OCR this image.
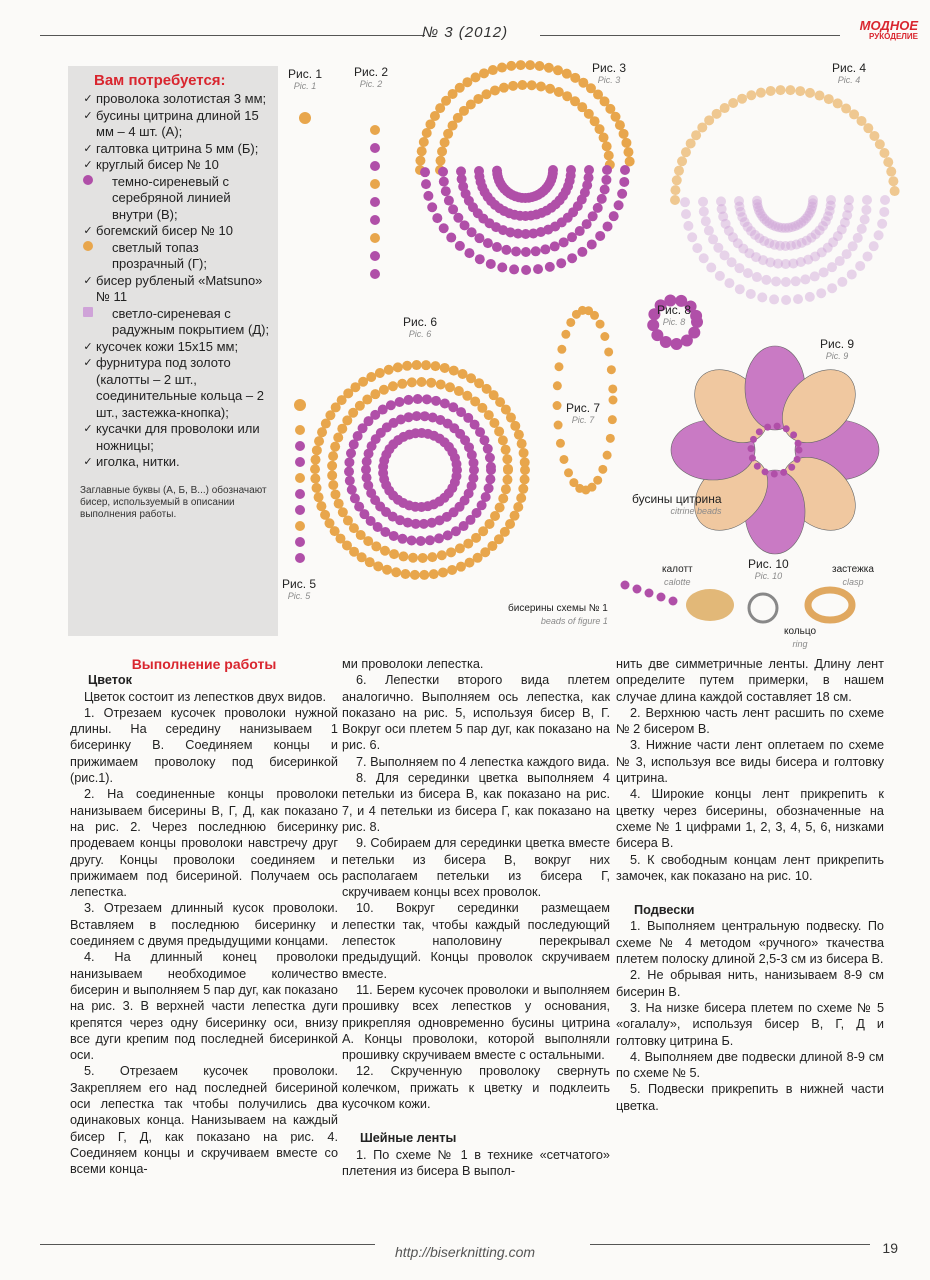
№ 3 (2012)	МОДНОЕ
РУКОДЕЛИЕ
Вам потребуется:
✓ проволока золотистая 3 мм;
✓ бусины цитрина длиной 15 мм – 4 шт. (А);
✓ галтовка цитрина 5 мм (Б);
✓ круглый бисер № 10
темно-сиреневый с серебряной линией внутри (В);
✓ богемский бисер № 10
светлый топаз прозрачный (Г);
✓ бисер рубленый «Matsuno» № 11
светло-сиреневая с радужным покрытием (Д);
✓ кусочек кожи 15х15 мм;
✓ фурнитура под золото (калотты – 2 шт., соединительные кольца – 2 шт., застежка-кнопка);
✓ кусачки для проволоки или ножницы;
✓ иголка, нитки.
Заглавные буквы (А, Б, В...) обозначают бисер, используемый в описании выполнения работы.
Рис. 1
Pic. 1
Рис. 2
Pic. 2
Рис. 3
Pic. 3
Рис. 4
Pic. 4
Рис. 6
Pic. 6
Рис. 7
Pic. 7
Рис. 8
Pic. 8
Рис. 9
Pic. 9
Рис. 5
Pic. 5
Рис. 10
Pic. 10
бусины цитрина
citrine beads
бисерины схемы № 1
beads of figure 1
калотт
calotte
застежка
clasp
кольцо
ring

Выполнение работы

Цветок

Цветок состоит из лепестков двух видов.

1. Отрезаем кусочек проволоки нужной длины. На середину нанизываем 1 бисеринку В. Соединяем концы и прижимаем проволоку под бисеринкой (рис.1).

2. На соединенные концы проволоки нанизываем бисерины В, Г, Д, как показано на рис. 2. Через последнюю бисеринку продеваем концы проволоки навстречу друг другу. Концы проволоки соединяем и прижимаем под бисериной. Получаем ось лепестка.

3. Отрезаем длинный кусок проволоки. Вставляем в последнюю бисеринку и соединяем с двумя предыдущими концами.

4. На длинный конец проволоки нанизываем необходимое количество бисерин и выполняем 5 пар дуг, как показано на рис. 3. В верхней части лепестка дуги крепятся через одну бисеринку оси, внизу все дуги крепим под последней бисеринкой оси.

5. Отрезаем кусочек проволоки. Закрепляем его над последней бисериной оси лепестка так чтобы получились два одинаковых конца. Нанизываем на каждый бисер Г, Д, как показано на рис. 4. Соединяем концы и скручиваем вместе со всеми конца-

ми проволоки лепестка.

6. Лепестки второго вида плетем аналогично. Выполняем ось лепестка, как показано на рис. 5, используя бисер В, Г. Вокруг оси плетем 5 пар дуг, как показано на рис. 6.

7. Выполняем по 4 лепестка каждого вида.

8. Для серединки цветка выполняем 4 петельки из бисера В, как показано на рис. 7, и 4 петельки из бисера Г, как показано на рис. 8.

9. Собираем для серединки цветка вместе петельки из бисера В, вокруг них располагаем петельки из бисера Г, скручиваем концы всех проволок.

10. Вокруг серединки размещаем лепестки так, чтобы каждый последующий лепесток наполовину перекрывал предыдущий. Концы проволок скручиваем вместе.

11. Берем кусочек проволоки и выполняем прошивку всех лепестков у основания, прикрепляя одновременно бусины цитрина А. Концы проволоки, которой выполняли прошивку скручиваем вместе с остальными.

12. Скрученную проволоку свернуть колечком, прижать к цветку и подклеить кусочком кожи.

Шейные ленты

1. По схеме № 1 в технике «сетчатого» плетения из бисера В выпол-

нить две симметричные ленты. Длину лент определите путем примерки, в нашем случае длина каждой составляет 18 см.

2. Верхнюю часть лент расшить по схеме № 2 бисером В.

3. Нижние части лент оплетаем по схеме № 3, используя все виды бисера и голтовку цитрина.

4. Широкие концы лент прикрепить к цветку через бисерины, обозначенные на схеме № 1 цифрами 1, 2, 3, 4, 5, 6, низками бисера В.

5. К свободным концам лент прикрепить замочек, как показано на рис. 10.

Подвески

1. Выполняем центральную подвеску. По схеме № 4 методом «ручного» ткачества плетем полоску длиной 2,5-3 см из бисера В.

2. Не обрывая нить, нанизываем 8-9 см бисерин В.

3. На низке бисера плетем по схеме № 5 «огалалу», используя бисер В, Г, Д и голтовку цитрина Б.

4. Выполняем две подвески длиной 8-9 см по схеме № 5.

5. Подвески прикрепить в нижней части цветка.

http://biserknitting.com	19
